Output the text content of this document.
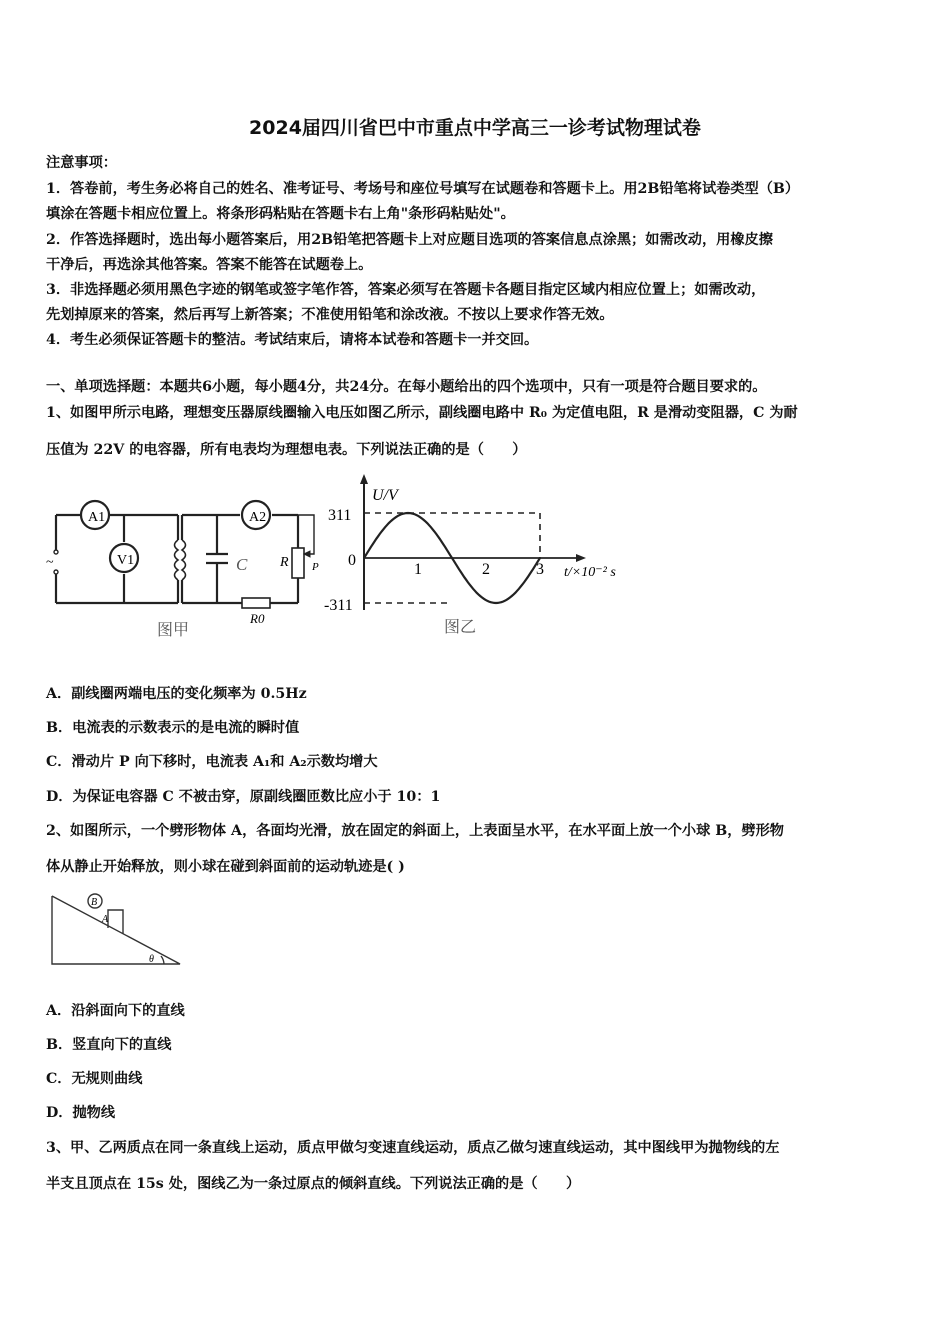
2024届四川省巴中市重点中学高三一诊考试物理试卷
注意事项：
1．答卷前，考生务必将自己的姓名、准考证号、考场号和座位号填写在试题卷和答题卡上。用2B铅笔将试卷类型（B）
填涂在答题卡相应位置上。将条形码粘贴在答题卡右上角"条形码粘贴处"。
2．作答选择题时，选出每小题答案后，用2B铅笔把答题卡上对应题目选项的答案信息点涂黑；如需改动，用橡皮擦
干净后，再选涂其他答案。答案不能答在试题卷上。
3．非选择题必须用黑色字迹的钢笔或签字笔作答，答案必须写在答题卡各题目指定区域内相应位置上；如需改动，
先划掉原来的答案，然后再写上新答案；不准使用铅笔和涂改液。不按以上要求作答无效。
4．考生必须保证答题卡的整洁。考试结束后，请将本试卷和答题卡一并交回。
一、单项选择题：本题共6小题，每小题4分，共24分。在每小题给出的四个选项中，只有一项是符合题目要求的。
1、如图甲所示电路，理想变压器原线圈输入电压如图乙所示，副线圈电路中 R₀ 为定值电阻，R 是滑动变阻器，C 为耐
压值为 22V 的电容器，所有电表均为理想电表。下列说法正确的是（　　）
A1
V1
A2
~	C R P
R0
图甲
U/V
311
0
-311
1	2	3 t/×10⁻² s
图乙
A．副线圈两端电压的变化频率为 0.5Hz
B．电流表的示数表示的是电流的瞬时值
C．滑动片 P 向下移时，电流表 A₁和 A₂示数均增大
D．为保证电容器 C 不被击穿，原副线圈匝数比应小于 10：1
2、如图所示，一个劈形物体 A，各面均光滑，放在固定的斜面上，上表面呈水平，在水平面上放一个小球 B，劈形物
体从静止开始释放，则小球在碰到斜面前的运动轨迹是( )
B
A
θ
A．沿斜面向下的直线
B．竖直向下的直线
C．无规则曲线
D．抛物线
3、甲、乙两质点在同一条直线上运动，质点甲做匀变速直线运动，质点乙做匀速直线运动，其中图线甲为抛物线的左
半支且顶点在 15s 处，图线乙为一条过原点的倾斜直线。下列说法正确的是（　　）
